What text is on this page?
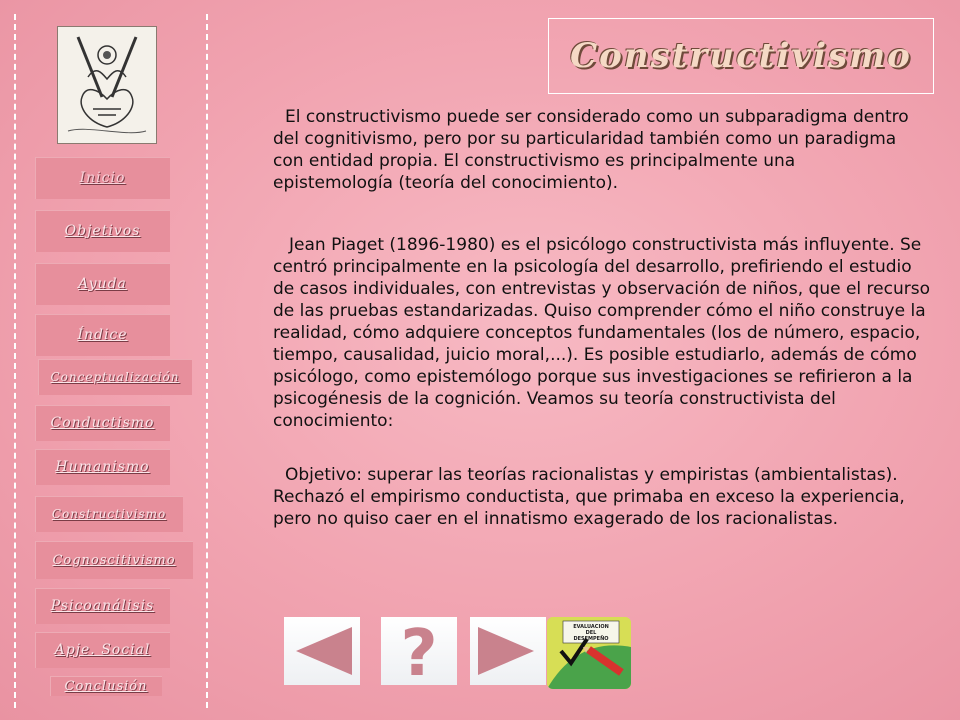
Inicio
Objetivos
Ayuda
Índice
Conceptualización
Conductismo
Humanismo
Constructivismo
Cognoscitivismo
Psicoanálisis
Apje. Social
Conclusión
Constructivismo
El constructivismo puede ser considerado como un subparadigma dentro del cognitivismo, pero por su particularidad también como un paradigma con entidad propia. El constructivismo es principalmente una epistemología (teoría del conocimiento).
Jean Piaget (1896-1980) es el psicólogo constructivista más influyente. Se centró principalmente en la psicología del desarrollo, prefiriendo el estudio de casos individuales, con entrevistas y observación de niños, que el recurso de las pruebas estandarizadas. Quiso comprender cómo el niño construye la realidad, cómo adquiere conceptos fundamentales (los de número, espacio, tiempo, causalidad, juicio moral,...). Es posible estudiarlo, además de cómo psicólogo, como epistemólogo porque sus investigaciones se refirieron a la psicogénesis de la cognición. Veamos su teoría constructivista del conocimiento:
Objetivo: superar las teorías racionalistas y empiristas (ambientalistas). Rechazó el empirismo conductista, que primaba en exceso la experiencia, pero no quiso caer en el innatismo exagerado de los racionalistas.
?	EVALUACION
DEL
DESEMPEÑO
